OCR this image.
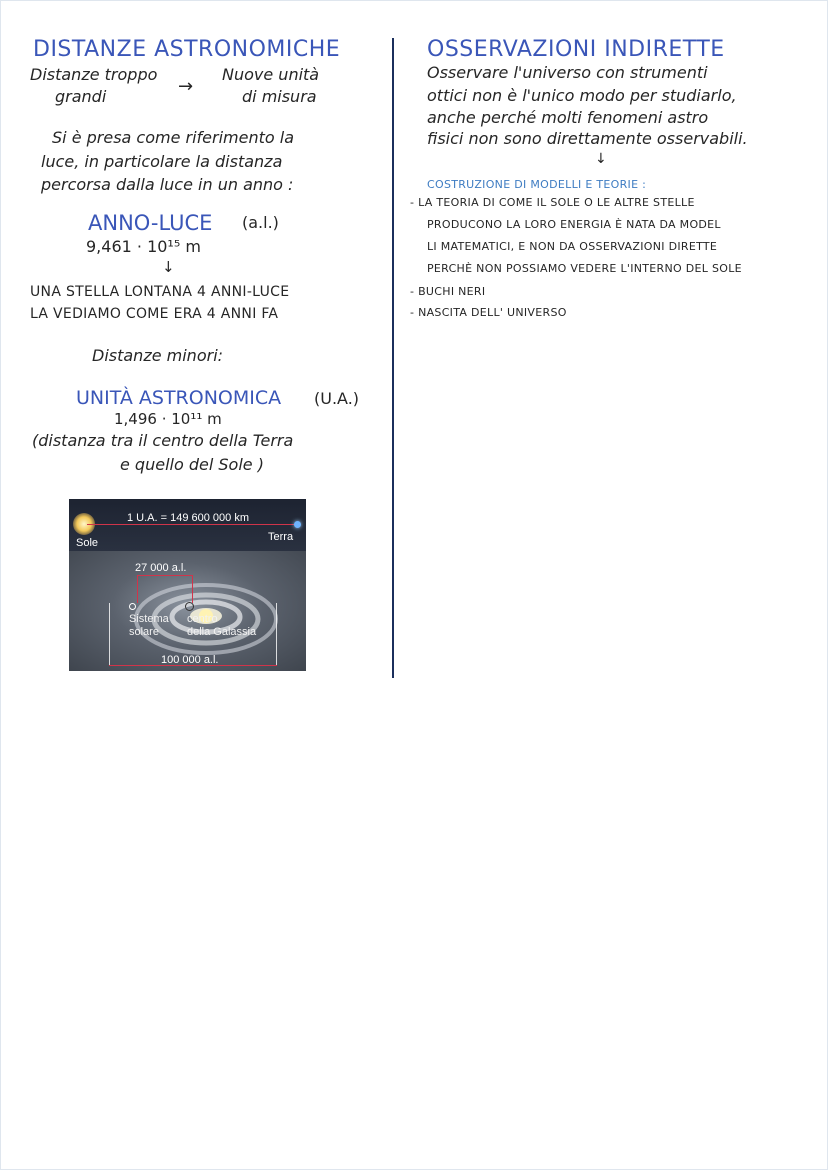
DISTANZE ASTRONOMICHE
Distanze troppo
grandi	→
Nuove unità
di misura
Si è presa come riferimento la
luce, in particolare la distanza
percorsa dalla luce in un anno :
ANNO-LUCE (a.l.)
9,461 · 10¹⁵ m
↓
UNA STELLA LONTANA 4 ANNI-LUCE
LA VEDIAMO COME ERA 4 ANNI FA
Distanze minori:
UNITÀ ASTRONOMICA (U.A.)
1,496 · 10¹¹ m
(distanza tra il centro della Terra
e quello del Sole )
1 U.A. = 149 600 000 km
Sole	Terra
27 000 a.l.
Sistema
solare
centro
della Galassia
100 000 a.l.
OSSERVAZIONI INDIRETTE
Osservare l'universo con strumenti
ottici non è l'unico modo per studiarlo,
anche perché molti fenomeni astro
fisici non sono direttamente osservabili.
↓
COSTRUZIONE DI MODELLI E TEORIE :
- LA TEORIA DI COME IL SOLE O LE ALTRE STELLE
PRODUCONO LA LORO ENERGIA È NATA DA MODEL
LI MATEMATICI, E NON DA OSSERVAZIONI DIRETTE
PERCHÈ NON POSSIAMO VEDERE L'INTERNO DEL SOLE
- BUCHI NERI
- NASCITA DELL' UNIVERSO
